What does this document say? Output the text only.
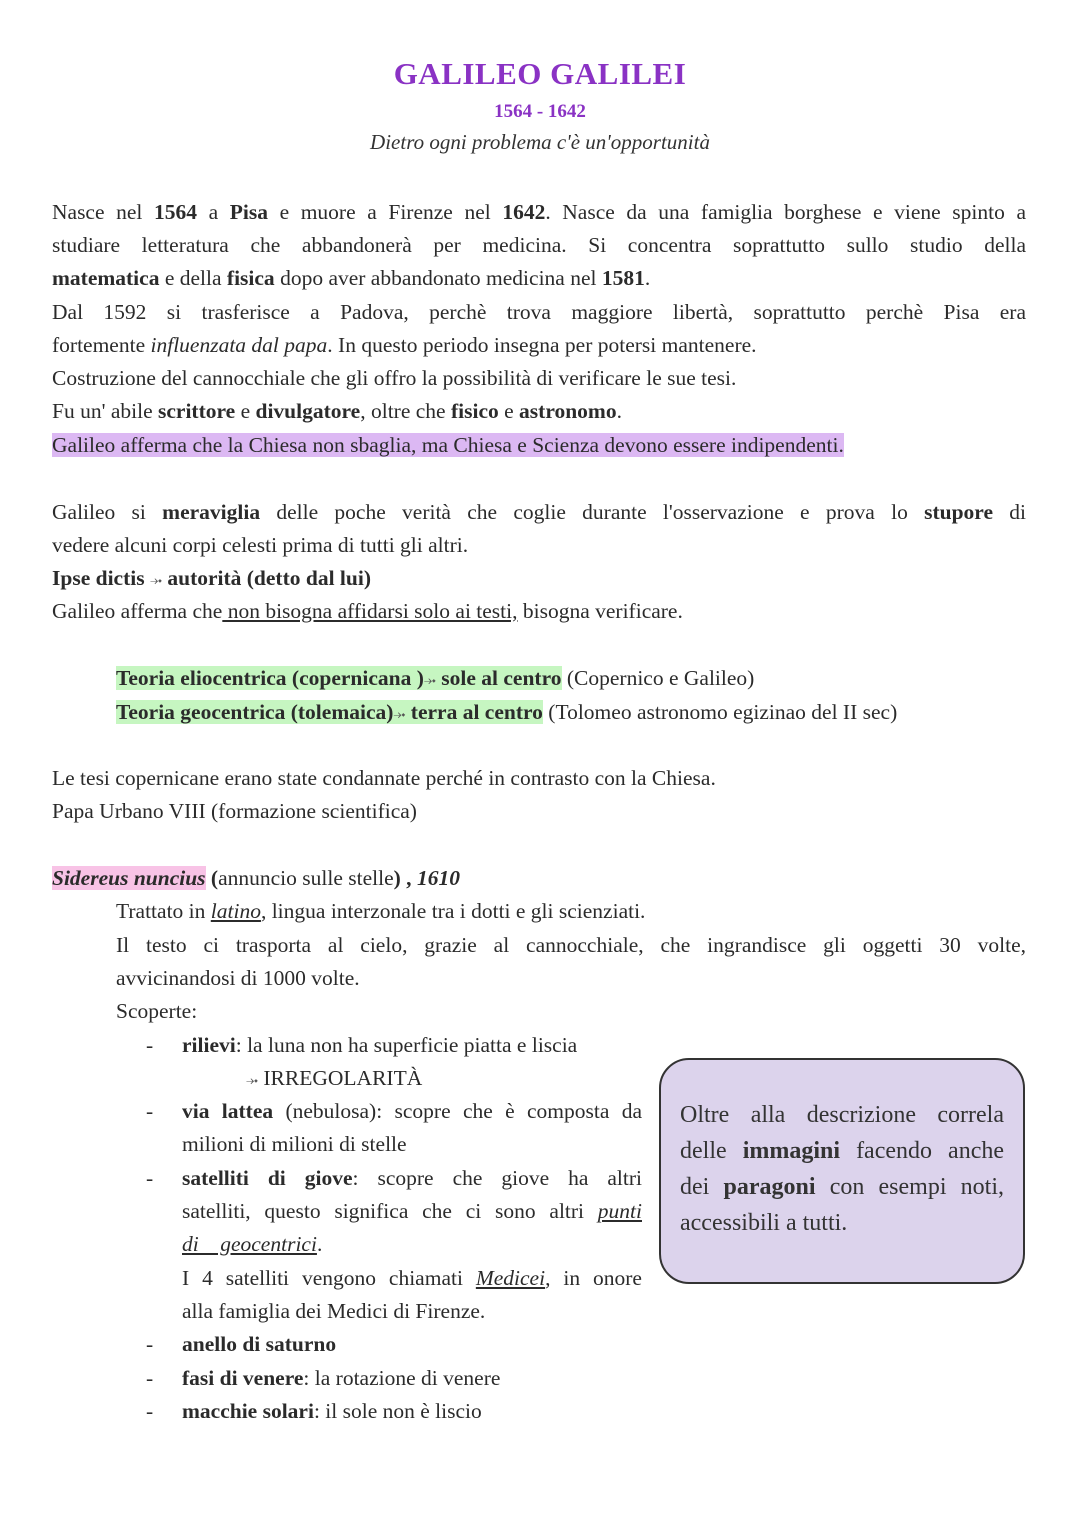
GALILEO GALILEI
1564 - 1642
Dietro ogni problema c'è un'opportunità
Nasce nel 1564 a Pisa e muore a Firenze nel 1642. Nasce da una famiglia borghese e viene spinto a
studiare letteratura che abbandonerà per medicina. Si concentra soprattutto sullo studio della
matematica e della fisica dopo aver abbandonato medicina nel 1581.
Dal 1592 si trasferisce a Padova, perchè trova maggiore libertà, soprattutto perchè Pisa era
fortemente influenzata dal papa. In questo periodo insegna per potersi mantenere.
Costruzione del cannocchiale che gli offro la possibilità di verificare le sue tesi.
Fu un' abile scrittore e divulgatore, oltre che fisico e astronomo.
Galileo afferma che la Chiesa non sbaglia, ma Chiesa e Scienza devono essere indipendenti.
Galileo si meraviglia delle poche verità che coglie durante l'osservazione e prova lo stupore di
vedere alcuni corpi celesti prima di tutti gli altri.
Ipse dictis ⤞ autorità (detto dal lui)
Galileo afferma che non bisogna affidarsi solo ai testi, bisogna verificare.
Teoria eliocentrica (copernicana )⤞ sole al centro (Copernico e Galileo)
Teoria geocentrica (tolemaica)⤞ terra al centro (Tolomeo astronomo egizinao del II sec)
Le tesi copernicane erano state condannate perché in contrasto con la Chiesa.
Papa Urbano VIII (formazione scientifica)
Sidereus nuncius (annuncio sulle stelle) , 1610
Trattato in latino, lingua interzonale tra i dotti e gli scienziati.
Il testo ci trasporta al cielo, grazie al cannocchiale, che ingrandisce gli oggetti 30 volte,
avvicinandosi di 1000 volte.
Scoperte:
- rilievi: la luna non ha superficie piatta e liscia
⤞ IRREGOLARITÀ
- via lattea (nebulosa): scopre che è composta da
milioni di milioni di stelle
- satelliti di giove: scopre che giove ha altri
satelliti, questo significa che ci sono altri punti
di    geocentrici.
I 4 satelliti vengono chiamati Medicei, in onore
alla famiglia dei Medici di Firenze.
- anello di saturno
- fasi di venere: la rotazione di venere
- macchie solari: il sole non è liscio
Oltre alla descrizione correla delle immagini facendo anche dei paragoni con esempi noti, accessibili a tutti.
